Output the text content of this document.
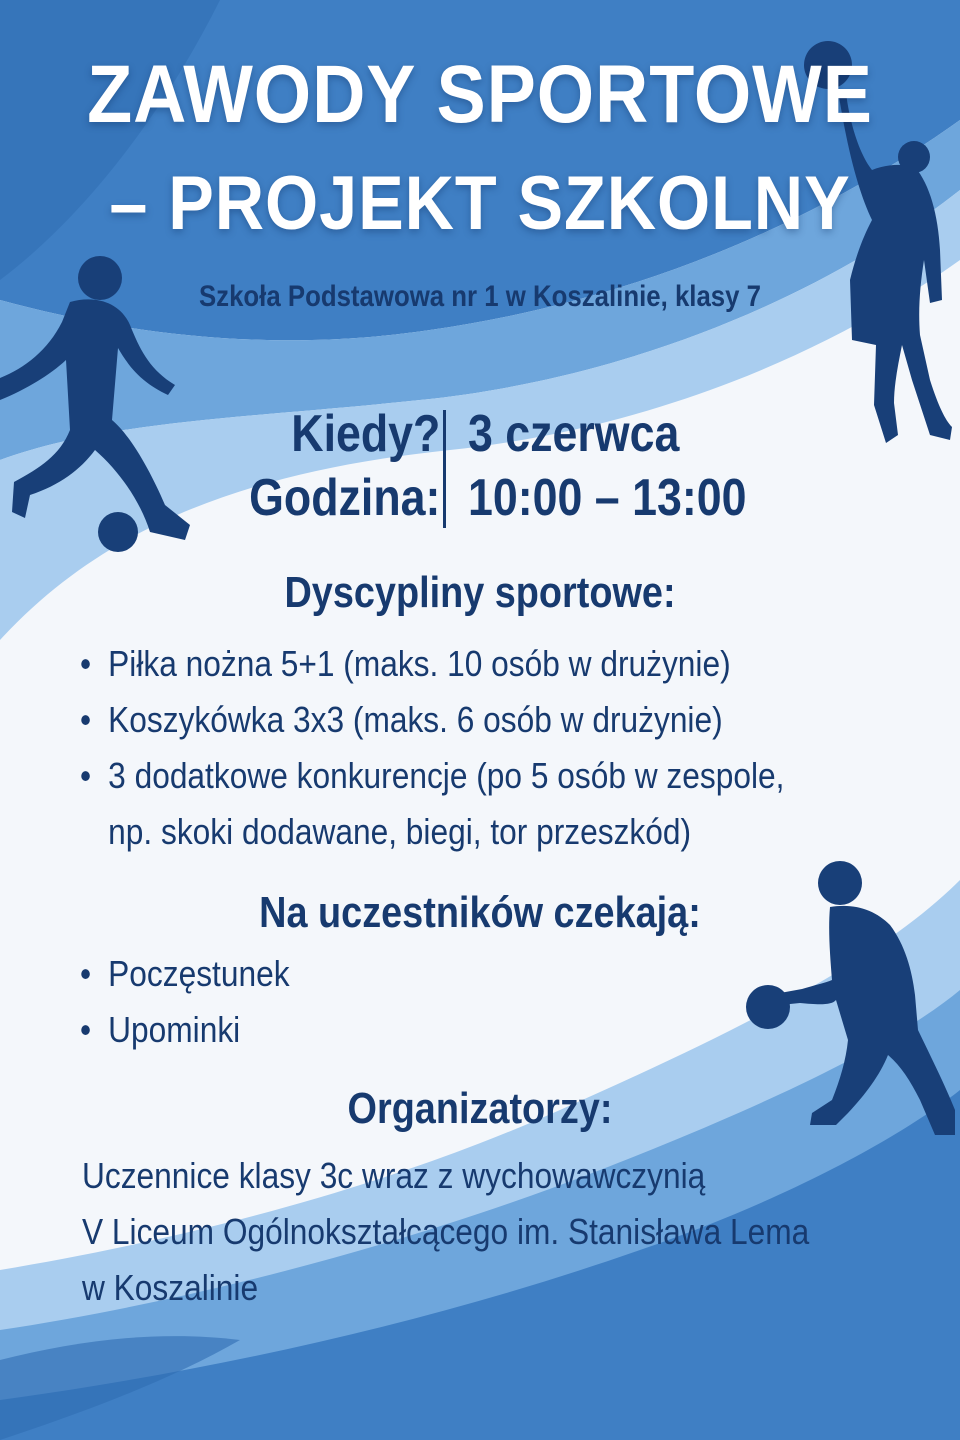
ZAWODY SPORTOWE
– PROJEKT SZKOLNY
Szkoła Podstawowa nr 1 w Koszalinie, klasy 7
Kiedy? 3 czerwca
Godzina: 10:00 – 13:00
Dyscypliny sportowe:
• Piłka nożna 5+1 (maks. 10 osób w drużynie)
• Koszykówka 3x3 (maks. 6 osób w drużynie)
• 3 dodatkowe konkurencje (po 5 osób w zespole,
np. skoki dodawane, biegi, tor przeszkód)
Na uczestników czekają:
• Poczęstunek
• Upominki
Organizatorzy:
Uczennice klasy 3c wraz z wychowawczynią
V Liceum Ogólnokształcącego im. Stanisława Lema
w Koszalinie
